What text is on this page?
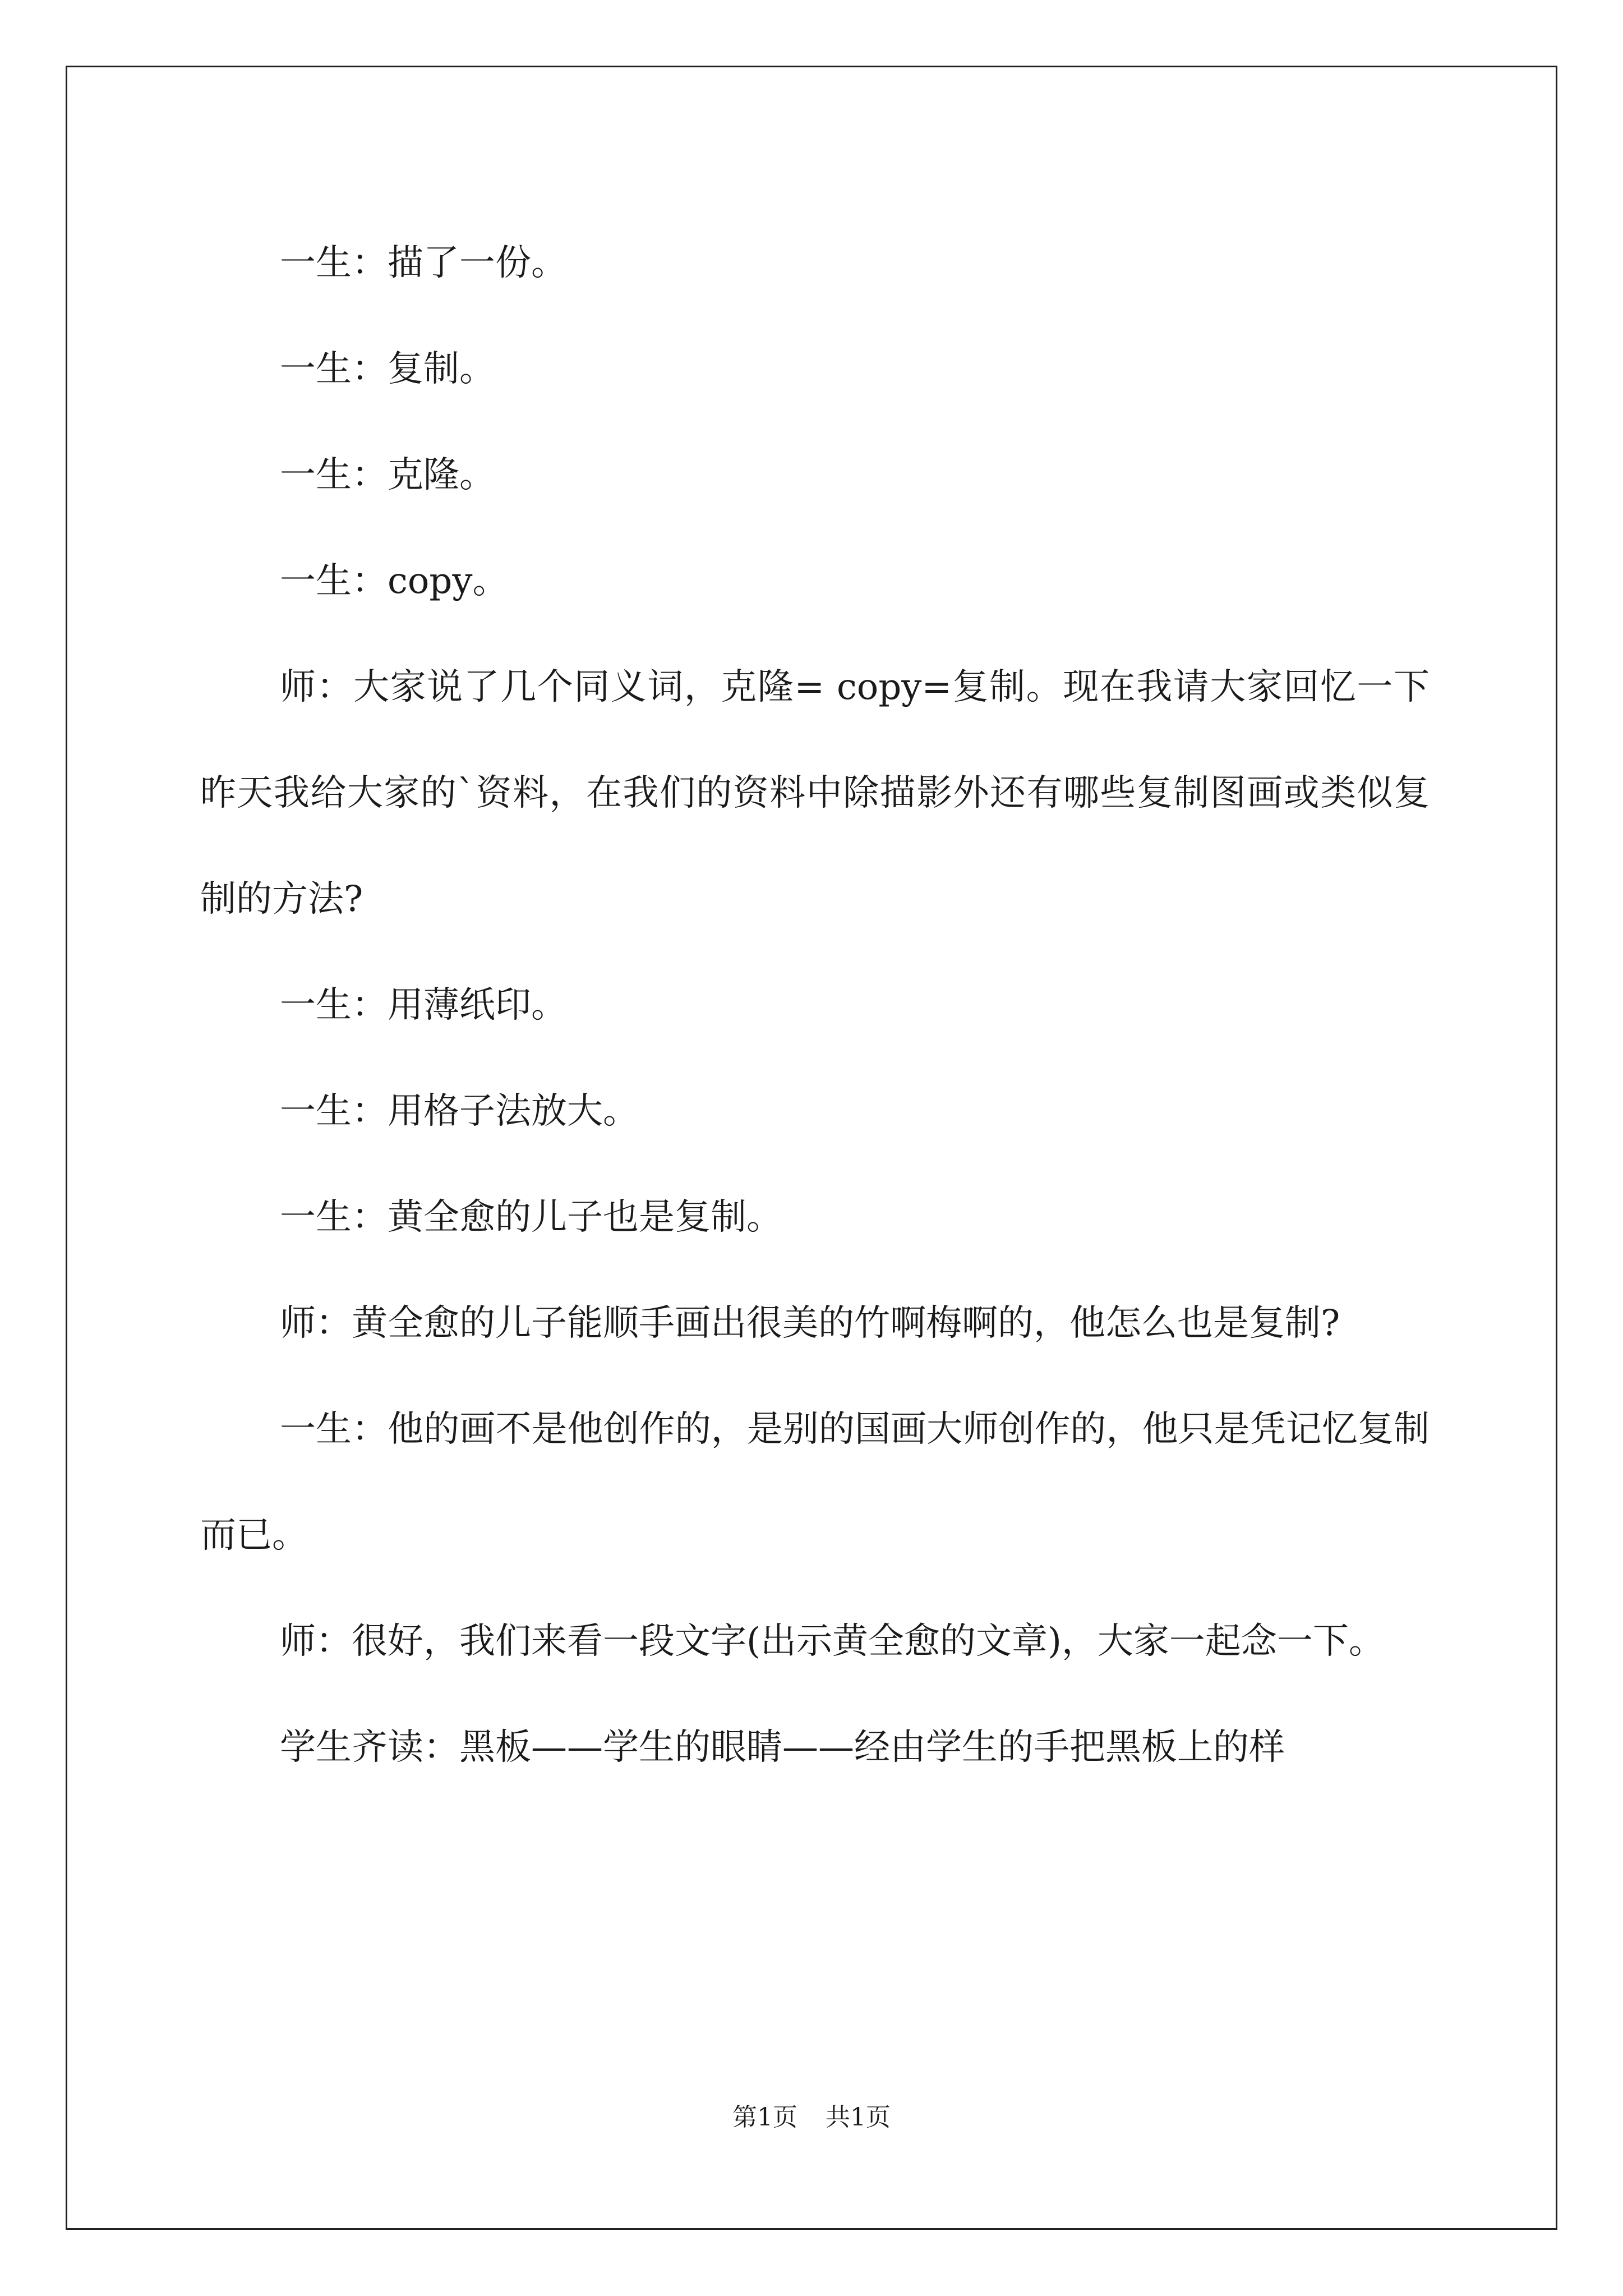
一生：描了一份。

一生：复制。

一生：克隆。

一生：copy。

师：大家说了几个同义词，克隆= copy=复制。现在我请大家回忆一下昨天我给大家的`资料，在我们的资料中除描影外还有哪些复制图画或类似复制的方法?

一生：用薄纸印。

一生：用格子法放大。

一生：黄全愈的儿子也是复制。

师：黄全愈的儿子能顺手画出很美的竹啊梅啊的，他怎么也是复制?

一生：他的画不是他创作的，是别的国画大师创作的，他只是凭记忆复制而已。

师：很好，我们来看一段文字(出示黄全愈的文章)，大家一起念一下。

学生齐读：黑板——学生的眼睛——经由学生的手把黑板上的样

第1页 共1页
